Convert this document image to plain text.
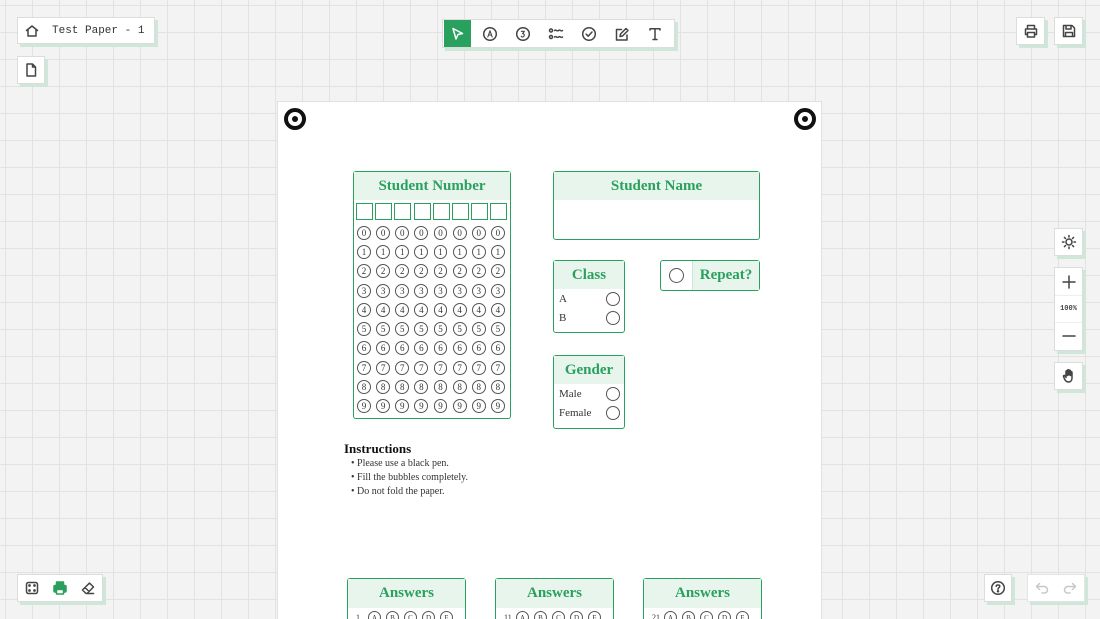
Test Paper - 1
100%
Student Number
0	0	0	0	0	0	0	0
1	1	1	1	1	1	1	1
2	2	2	2	2	2	2	2
3	3	3	3	3	3	3	3
4	4	4	4	4	4	4	4
5	5	5	5	5	5	5	5
6	6	6	6	6	6	6	6
7	7	7	7	7	7	7	7
8	8	8	8	8	8	8	8
9	9	9	9	9	9	9	9
Student Name
Class
A
B
Repeat?
Gender
Male
Female
Instructions
• Please use a black pen.
• Fill the bubbles completely.
• Do not fold the paper.
Answers
1	A	B	C	D	E
Answers
11	A	B	C	D	E
Answers
21	A	B	C	D	E
